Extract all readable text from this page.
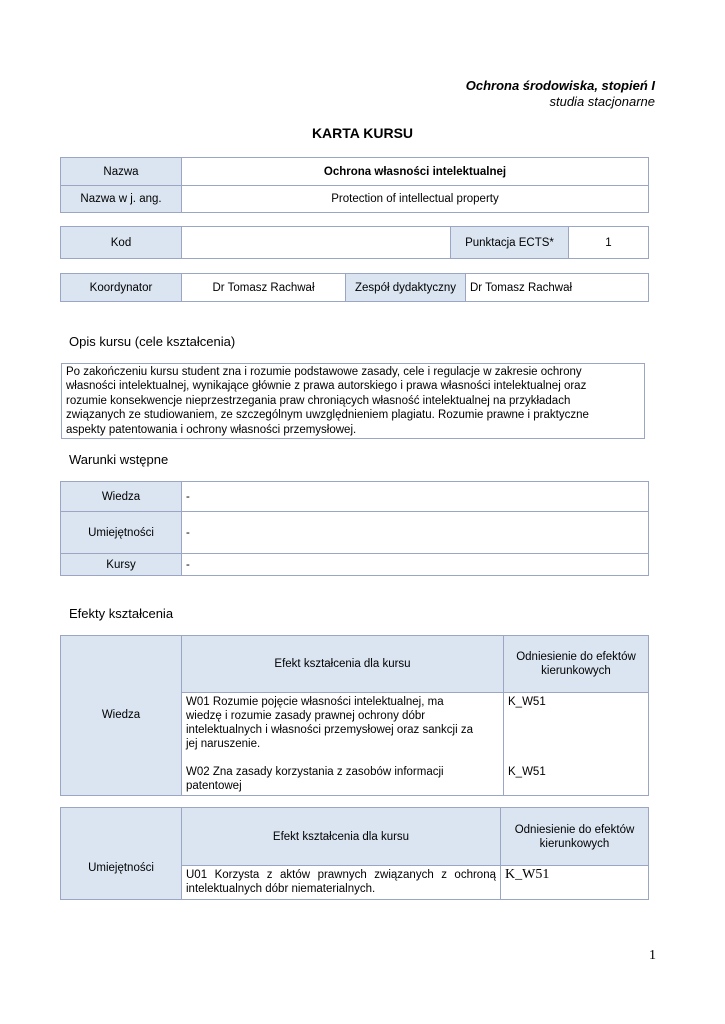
Ochrona środowiska, stopień I
studia stacjonarne
KARTA KURSU
Nazwa	Ochrona własności intelektualnej
Nazwa w j. ang.	Protection of intellectual property
Kod		Punktacja ECTS*	1
Koordynator	Dr Tomasz Rachwał	Zespół dydaktyczny	Dr Tomasz Rachwał
Opis kursu (cele kształcenia)
Po zakończeniu kursu student zna i rozumie podstawowe zasady, cele i regulacje w zakresie ochrony
własności intelektualnej, wynikające głównie z prawa autorskiego i prawa własności intelektualnej oraz
rozumie konsekwencje nieprzestrzegania praw chroniących własność intelektualnej na przykładach
związanych ze studiowaniem, ze szczególnym uwzględnieniem plagiatu. Rozumie prawne i praktyczne
aspekty patentowania i ochrony własności przemysłowej.
Warunki wstępne
Wiedza	-
Umiejętności	-
Kursy	-
Efekty kształcenia
Wiedza	Efekt kształcenia dla kursu	Odniesienie do efektów
kierunkowych

	W01 Rozumie pojęcie własności intelektualnej, ma
wiedzę i rozumie zasady prawnej ochrony dóbr
intelektualnych i własności przemysłowej oraz sankcji za
jej naruszenie.	K_W51

	W02 Zna zasady korzystania z zasobów informacji
patentowej	K_W51
Umiejętności	Efekt kształcenia dla kursu	Odniesienie do efektów
kierunkowych

	U01 Korzysta z aktów prawnych związanych z ochroną
intelektualnych dóbr niematerialnych.	K_W51
1
